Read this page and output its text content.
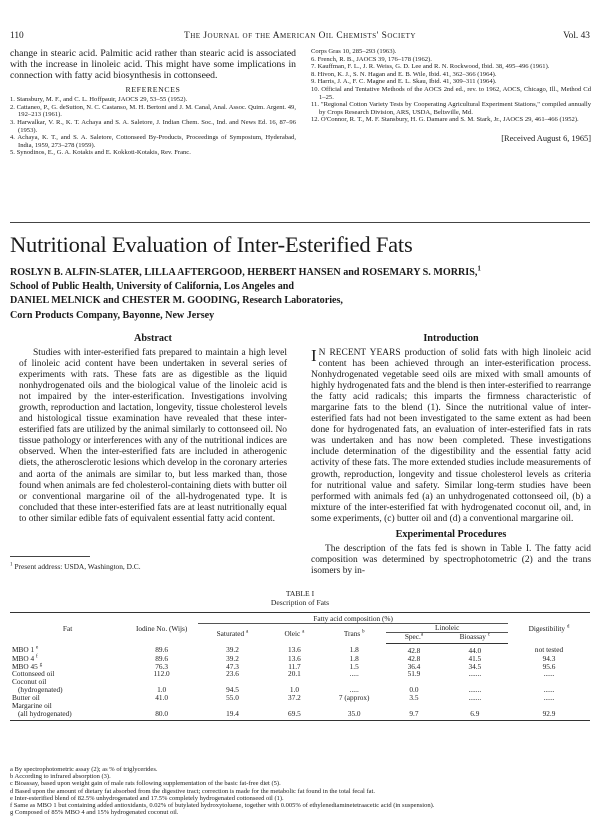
110	The Journal of the American Oil Chemists' Society	Vol. 43

change in stearic acid. Palmitic acid rather than stearic acid is associated with the increase in linoleic acid. This might have some implications in connection with fatty acid biosynthesis in cottonseed.

REFERENCES

1. Stansbury, M. F., and C. L. Hoffpauir, JAOCS 29, 53–55 (1952).

2. Cattaneo, P., G. deSutton, N. C. Castanso, M. H. Bertoni and J. M. Canal, Anal. Assoc. Quim. Argent. 49, 192–213 (1961).

3. Harwalkar, V. R., K. T. Achaya and S. A. Saletore, J. Indian Chem. Soc., Ind. and News Ed. 16, 87–96 (1953).

4. Achaya, K. T., and S. A. Saletore, Cottonseed By-Products, Proceedings of Symposium, Hyderabad, India, 1959, 273–278 (1959).

5. Synodinos, E., G. A. Kotakis and E. Kokkoti-Kotakis, Rev. Franc.

Corps Gras 10, 285–293 (1963).

6. French, R. B., JAOCS 39, 176–178 (1962).

7. Kauffman, F. L., J. R. Weiss, G. D. Lee and R. N. Rockwood, Ibid. 38, 495–496 (1961).

8. Hivon, K. J., S. N. Hagan and E. B. Wile, Ibid. 41, 362–366 (1964).

9. Harris, J. A., F. C. Magne and E. L. Skau, Ibid. 41, 309–311 (1964).

10. Official and Tentative Methods of the AOCS 2nd ed., rev. to 1962, AOCS, Chicago, Ill., Method Cd 1–25.

11. "Regional Cotton Variety Tests by Cooperating Agricultural Experiment Stations," compiled annually by Crops Research Division, ARS, USDA, Beltsville, Md.

12. O'Connor, R. T., M. F. Stansbury, H. G. Damare and S. M. Stark, Jr., JAOCS 29, 461–466 (1952).

[Received August 6, 1965]
Nutritional Evaluation of Inter-Esterified Fats
ROSLYN B. ALFIN-SLATER, LILLA AFTERGOOD, HERBERT HANSEN and ROSEMARY S. MORRIS,$^1$
School of Public Health, University of California, Los Angeles and
DANIEL MELNICK and CHESTER M. GOODING, Research Laboratories,
Corn Products Company, Bayonne, New Jersey
Abstract

Studies with inter-esterified fats prepared to maintain a high level of linoleic acid content have been undertaken in several series of experiments with rats. These fats are as digestible as the liquid nonhydrogenated oils and the biological value of the linoleic acid is not impaired by the inter-esterification. Investigations involving growth, reproduction and lactation, longevity, tissue cholesterol levels and histological tissue examination have revealed that these inter-esterified fats are utilized by the animal similarly to cottonseed oil. No tissue pathology or interferences with any of the nutritional indices are observed. When the inter-esterified fats are included in atherogenic diets, the atherosclerotic lesions which develop in the coronary arteries and aorta of the animals are similar to, but less marked than, those found when animals are fed cholesterol-containing diets with butter oil or conventional margarine oil of the all-hydrogenated type. It is concluded that these inter-esterified fats are at least nutritionally equal to other similar edible fats of equivalent essential fatty acid content.

Introduction

I N RECENT YEARS production of solid fats with high linoleic acid content has been achieved through an inter-esterification process. Nonhydrogenated vegetable seed oils are mixed with small amounts of highly hydrogenated fats and the blend is then inter-esterified to rearrange the fatty acid radicals; this imparts the firmness characteristic of margarine fats to the blend (1). Since the nutritional value of inter-esterified fats had not been investigated to the same extent as had been done for hydrogenated fats, an evaluation of inter-esterified fats in rats was undertaken and has now been completed. These investigations include determination of the digestibility and the essential fatty acid activity of these fats. The more extended studies include measurements of growth, reproduction, longevity and tissue cholesterol levels as criteria for nutritional value and safety. Similar long-term studies have been performed with animals fed (a) an unhydrogenated cottonseed oil, (b) a mixture of the inter-esterified fat with hydrogenated coconut oil, and, in some experiments, (c) butter oil and (d) a conventional margarine oil.

Experimental Procedures

The description of the fats fed is shown in Table I. The fatty acid composition was determined by spectrophotometric (2) and the trans isomers by in-

$^1$ Present address: USDA, Washington, D.C.
TABLE I
Description of Fats
Fat	Iodine No. (Wijs)	Fatty acid composition (%)					Digestibility $^d$
		Saturated $^a$	Oleic $^a$	Trans $^b$	Linoleic		
					Spec.$^a$	Bioassay $^c$
MBO 1 $^e$	89.6	39.2	13.6	1.8	42.8	44.0	not tested
MBO 4 $^f$	89.6	39.2	13.6	1.8	42.8	41.5	94.3
MBO 45 $^g$	76.3	47.3	11.7	1.5	36.4	34.5	95.6
Cottonseed oil	112.0	23.6	20.1	.....	51.9	.......	......
Coconut oil							
(hydrogenated)	1.0	94.5	1.0	.....	0.0	.......	......
Butter oil	41.0	55.0	37.2	7 (approx)	3.5	.......	......
Margarine oil							
(all hydrogenated)	80.0	19.4	69.5	35.0	9.7	6.9	92.9

a By spectrophotometric assay (2); as % of triglycerides.

b According to infrared absorption (3).

c Bioassay, based upon weight gain of male rats following supplementation of the basic fat-free diet (5).

d Based upon the amount of dietary fat absorbed from the digestive tract; correction is made for the metabolic fat found in the total fecal fat.

e Inter-esterified blend of 82.5% unhydrogenated and 17.5% completely hydrogenated cottonseed oil (1).

f Same as MBO 1 but containing added antioxidants, 0.02% of butylated hydroxytoluene, together with 0.005% of ethylenediaminetetraacetic acid (in suspension).

g Composed of 85% MBO 4 and 15% hydrogenated coconut oil.
